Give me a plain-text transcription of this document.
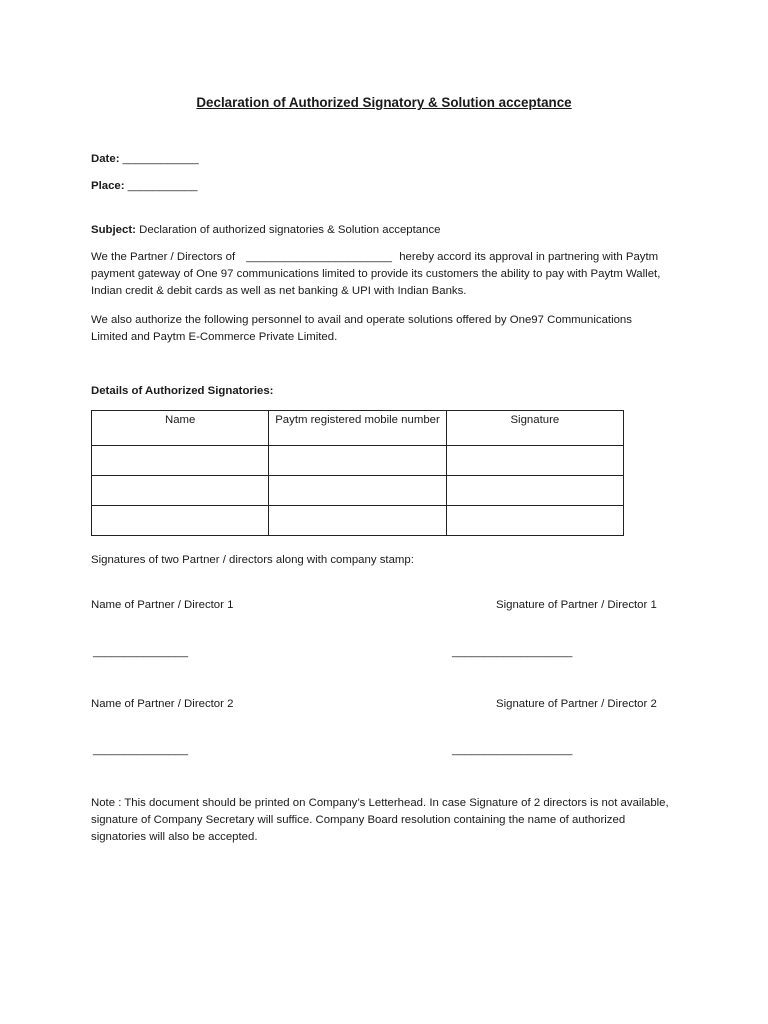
Declaration of Authorized Signatory & Solution acceptance

Date: ____________

Place: ___________

Subject: Declaration of authorized signatories & Solution acceptance

We the Partner / Directors of _______________________ hereby accord its approval in partnering with Paytm
payment gateway of One 97 communications limited to provide its customers the ability to pay with Paytm Wallet,
Indian credit & debit cards as well as net banking & UPI with Indian Banks.
We also authorize the following personnel to avail and operate solutions offered by One97 Communications
Limited and Paytm E-Commerce Private Limited.

Details of Authorized Signatories:

Name	Paytm registered mobile number	Signature

Signatures of two Partner / directors along with company stamp:

Name of Partner / Director 1	Signature of Partner / Director 1

_______________	___________________

Name of Partner / Director 2	Signature of Partner / Director 2

_______________	___________________

Note : This document should be printed on Company’s Letterhead. In case Signature of 2 directors is not available,
signature of Company Secretary will suffice. Company Board resolution containing the name of authorized
signatories will also be accepted.
